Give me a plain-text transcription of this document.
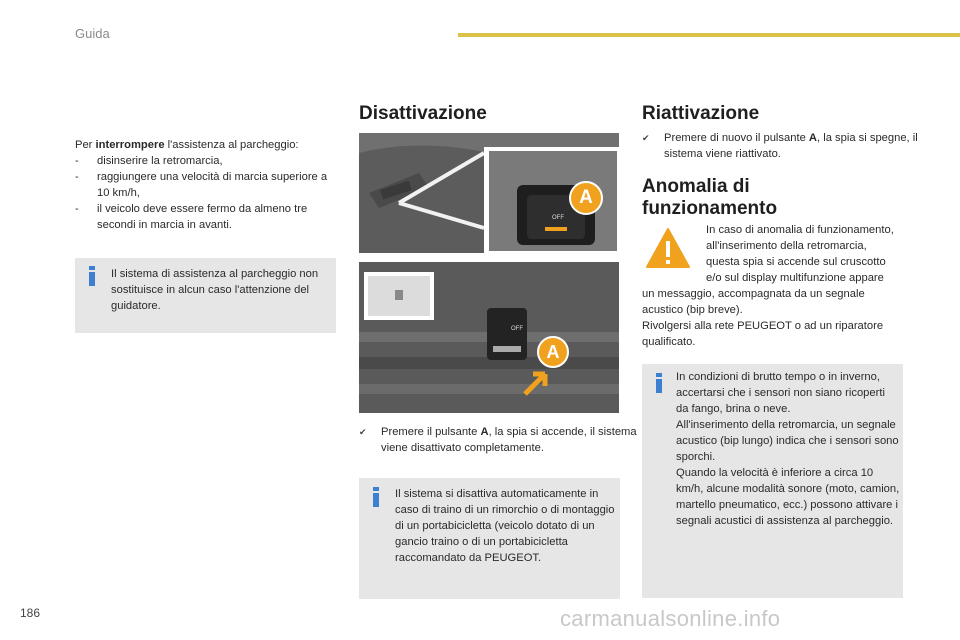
Guida
Per interrompere l'assistenza al parcheggio:
- disinserire la retromarcia,
- raggiungere una velocità di marcia superiore a 10 km/h,
- il veicolo deve essere fermo da almeno tre secondi in marcia in avanti.
Il sistema di assistenza al parcheggio non sostituisce in alcun caso l'attenzione del guidatore.
Disattivazione
OFF
A
OFF
A
✔ Premere il pulsante A, la spia si accende, il sistema viene disattivato completamente.
Il sistema si disattiva automaticamente in caso di traino di un rimorchio o di montaggio di un portabicicletta (veicolo dotato di un gancio traino o di un portabicicletta raccomandato da PEUGEOT.
Riattivazione
✔ Premere di nuovo il pulsante A, la spia si spegne, il sistema viene riattivato.
Anomalia di funzionamento
In caso di anomalia di funzionamento,
all'inserimento della retromarcia,
questa spia si accende sul cruscotto
e/o sul display multifunzione appare
un messaggio, accompagnata da un segnale
acustico (bip breve).
Rivolgersi alla rete PEUGEOT o ad un riparatore
qualificato.
In condizioni di brutto tempo o in inverno, accertarsi che i sensori non siano ricoperti da fango, brina o neve.
All'inserimento della retromarcia, un segnale acustico (bip lungo) indica che i sensori sono sporchi.
Quando la velocità è inferiore a circa 10 km/h, alcune modalità sonore (moto, camion, martello pneumatico, ecc.) possono attivare i segnali acustici di assistenza al parcheggio.
186	carmanualsonline.info
